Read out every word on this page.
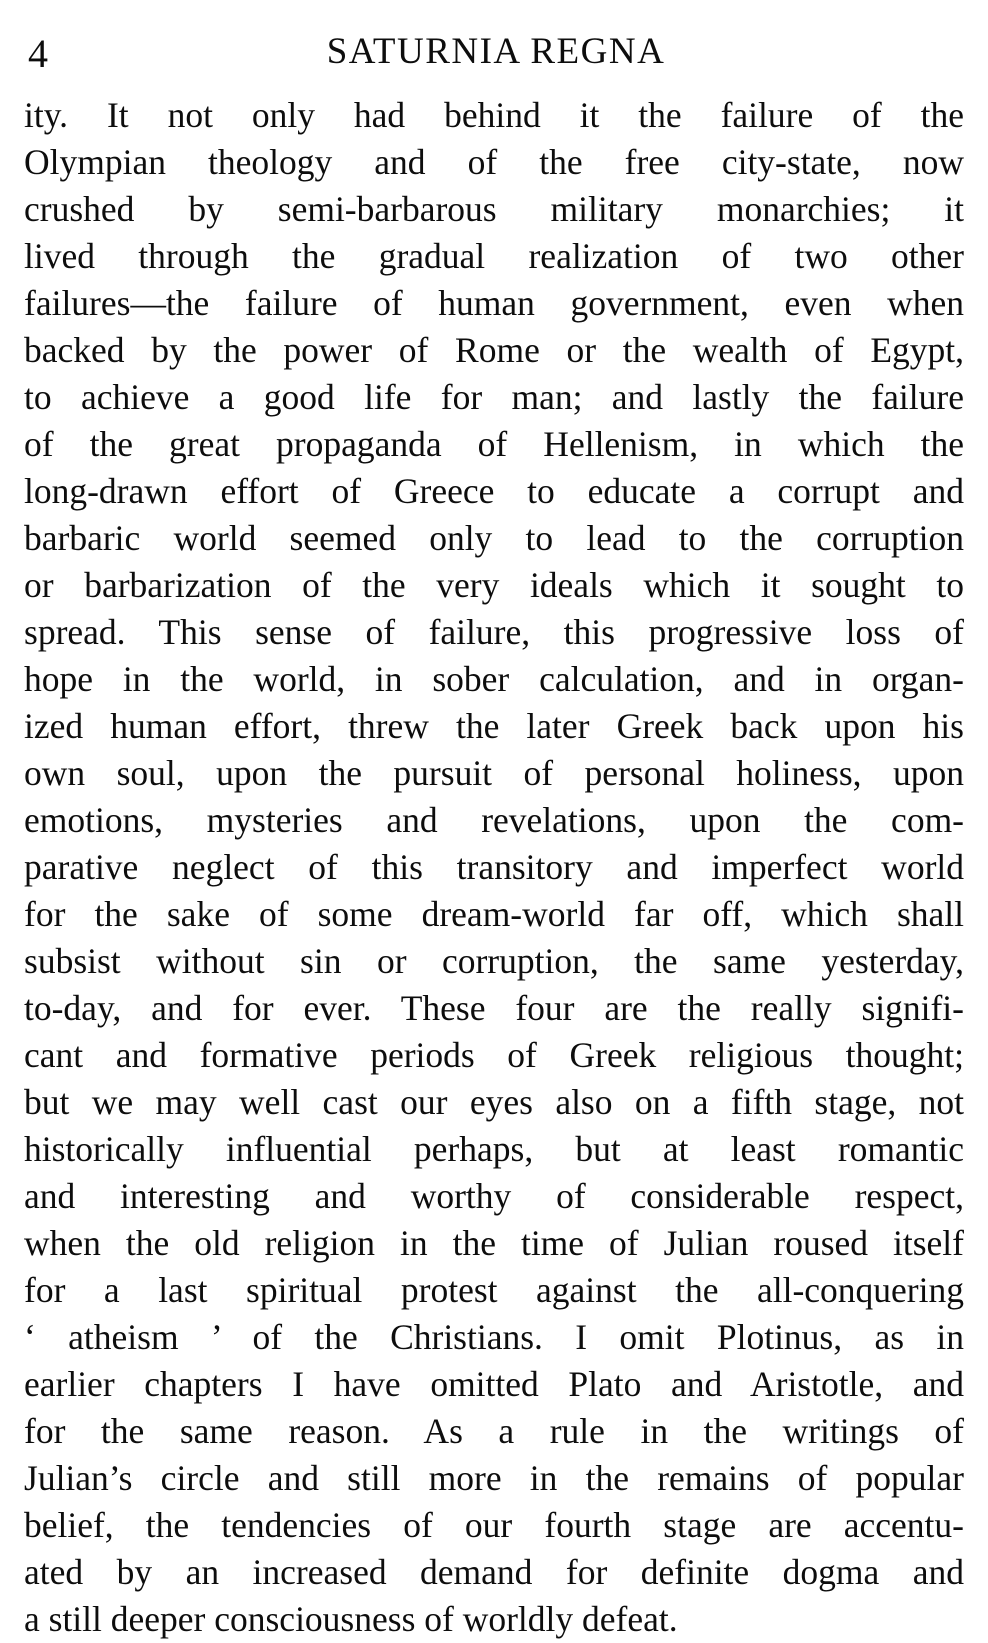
4	SATURNIA REGNA
ity. It not only had behind it the failure of the
Olympian theology and of the free city-state, now
crushed by semi-barbarous military monarchies; it
lived through the gradual realization of two other
failures—the failure of human government, even when
backed by the power of Rome or the wealth of Egypt,
to achieve a good life for man; and lastly the failure
of the great propaganda of Hellenism, in which the
long-drawn effort of Greece to educate a corrupt and
barbaric world seemed only to lead to the corruption
or barbarization of the very ideals which it sought to
spread. This sense of failure, this progressive loss of
hope in the world, in sober calculation, and in organ-
ized human effort, threw the later Greek back upon his
own soul, upon the pursuit of personal holiness, upon
emotions, mysteries and revelations, upon the com-
parative neglect of this transitory and imperfect world
for the sake of some dream-world far off, which shall
subsist without sin or corruption, the same yesterday,
to-day, and for ever. These four are the really signifi-
cant and formative periods of Greek religious thought;
but we may well cast our eyes also on a fifth stage, not
historically influential perhaps, but at least romantic
and interesting and worthy of considerable respect,
when the old religion in the time of Julian roused itself
for a last spiritual protest against the all-conquering
‘ atheism ’ of the Christians. I omit Plotinus, as in
earlier chapters I have omitted Plato and Aristotle, and
for the same reason. As a rule in the writings of
Julian’s circle and still more in the remains of popular
belief, the tendencies of our fourth stage are accentu-
ated by an increased demand for definite dogma and
a still deeper consciousness of worldly defeat.
